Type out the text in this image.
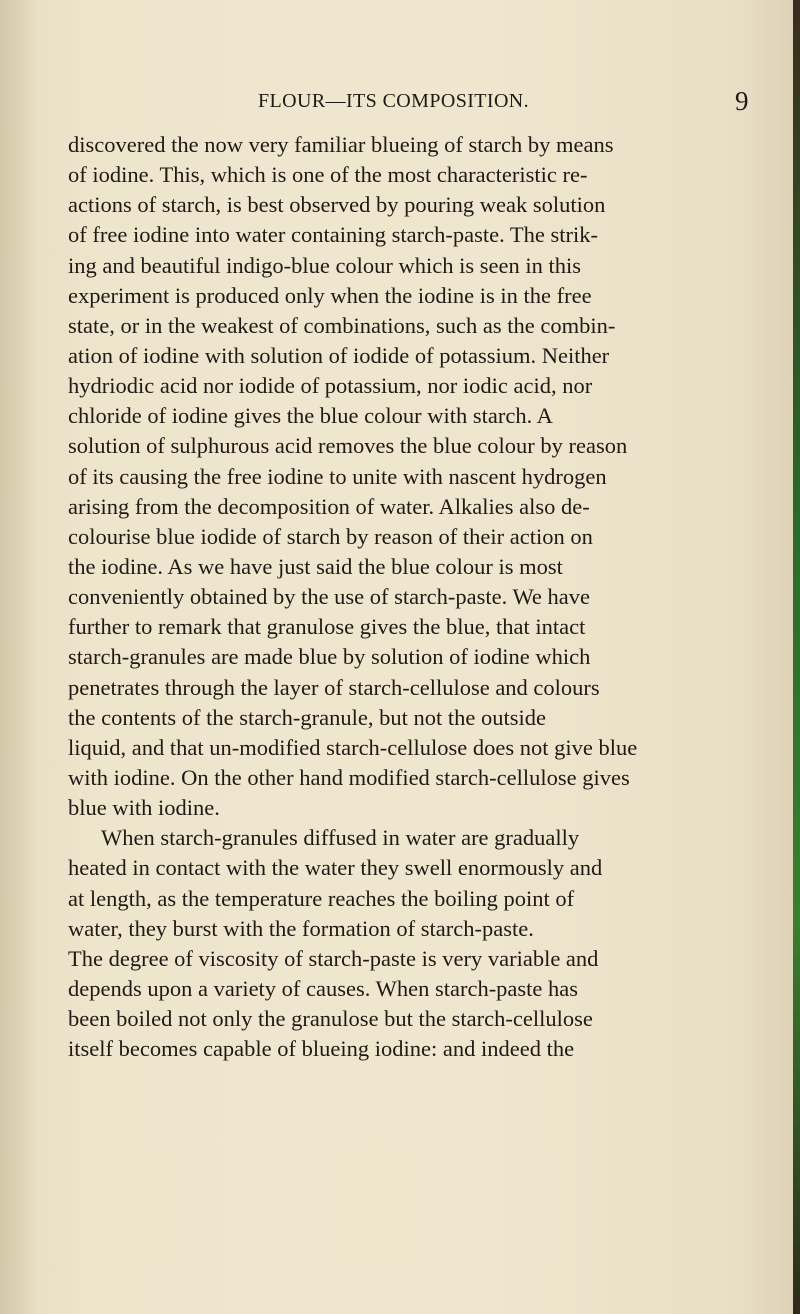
FLOUR—ITS COMPOSITION.	9
discovered the now very familiar blueing of starch by means
of iodine. This, which is one of the most characteristic re-
actions of starch, is best observed by pouring weak solution
of free iodine into water containing starch-paste. The strik-
ing and beautiful indigo-blue colour which is seen in this
experiment is produced only when the iodine is in the free
state, or in the weakest of combinations, such as the combin-
ation of iodine with solution of iodide of potassium. Neither
hydriodic acid nor iodide of potassium, nor iodic acid, nor
chloride of iodine gives the blue colour with starch. A
solution of sulphurous acid removes the blue colour by reason
of its causing the free iodine to unite with nascent hydrogen
arising from the decomposition of water. Alkalies also de-
colourise blue iodide of starch by reason of their action on
the iodine. As we have just said the blue colour is most
conveniently obtained by the use of starch-paste. We have
further to remark that granulose gives the blue, that intact
starch-granules are made blue by solution of iodine which
penetrates through the layer of starch-cellulose and colours
the contents of the starch-granule, but not the outside
liquid, and that un-modified starch-cellulose does not give blue
with iodine. On the other hand modified starch-cellulose gives
blue with iodine.
When starch-granules diffused in water are gradually
heated in contact with the water they swell enormously and
at length, as the temperature reaches the boiling point of
water, they burst with the formation of starch-paste.
The degree of viscosity of starch-paste is very variable and
depends upon a variety of causes. When starch-paste has
been boiled not only the granulose but the starch-cellulose
itself becomes capable of blueing iodine: and indeed the
